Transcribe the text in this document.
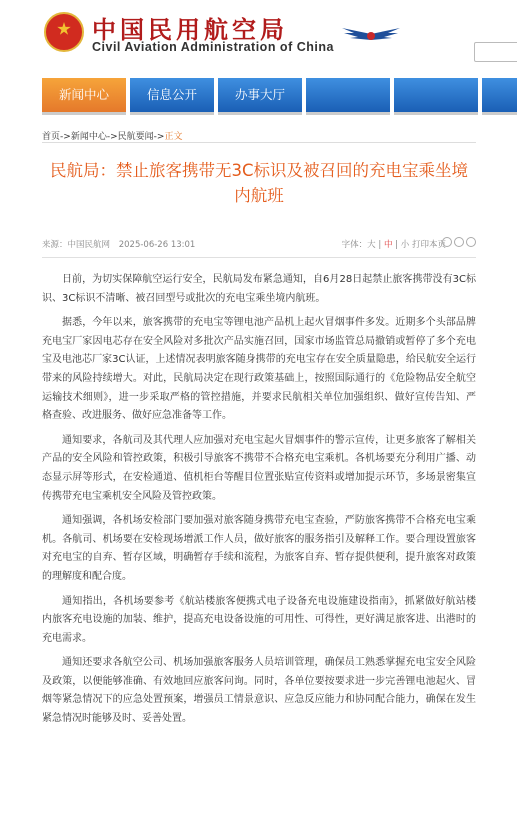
中国民用航空局
Civil Aviation Administration of China
新闻中心	信息公开	办事大厅
首页->新闻中心->民航要闻->正文
民航局：禁止旅客携带无3C标识及被召回的充电宝乘坐境内航班
来源：中国民航网 2025-06-26 13:01	字体：大 | 中 | 小 打印本页

日前，为切实保障航空运行安全，民航局发布紧急通知，自6月28日起禁止旅客携带没有3C标识、3C标识不清晰、被召回型号或批次的充电宝乘坐境内航班。

据悉，今年以来，旅客携带的充电宝等锂电池产品机上起火冒烟事件多发。近期多个头部品牌充电宝厂家因电芯存在安全风险对多批次产品实施召回，国家市场监管总局撤销或暂停了多个充电宝及电池芯厂家3C认证，上述情况表明旅客随身携带的充电宝存在安全质量隐患，给民航安全运行带来的风险持续增大。对此，民航局决定在现行政策基础上，按照国际通行的《危险物品安全航空运输技术细则》，进一步采取严格的管控措施，并要求民航相关单位加强组织、做好宣传告知、严格查验、改进服务、做好应急准备等工作。

通知要求，各航司及其代理人应加强对充电宝起火冒烟事件的警示宣传，让更多旅客了解相关产品的安全风险和管控政策，积极引导旅客不携带不合格充电宝乘机。各机场要充分利用广播、动态显示屏等形式，在安检通道、值机柜台等醒目位置张贴宣传资料或增加提示环节，多场景密集宣传携带充电宝乘机安全风险及管控政策。

通知强调，各机场安检部门要加强对旅客随身携带充电宝查验，严防旅客携带不合格充电宝乘机。各航司、机场要在安检现场增派工作人员，做好旅客的服务指引及解释工作。要合理设置旅客对充电宝的自弃、暂存区域，明确暂存手续和流程，为旅客自弃、暂存提供便利，提升旅客对政策的理解度和配合度。

通知指出，各机场要参考《航站楼旅客便携式电子设备充电设施建设指南》，抓紧做好航站楼内旅客充电设施的加装、维护，提高充电设备设施的可用性、可得性，更好满足旅客进、出港时的充电需求。

通知还要求各航空公司、机场加强旅客服务人员培训管理，确保员工熟悉掌握充电宝安全风险及政策，以便能够准确、有效地回应旅客问询。同时，各单位要按要求进一步完善锂电池起火、冒烟等紧急情况下的应急处置预案，增强员工情景意识、应急反应能力和协同配合能力，确保在发生紧急情况时能够及时、妥善处置。
